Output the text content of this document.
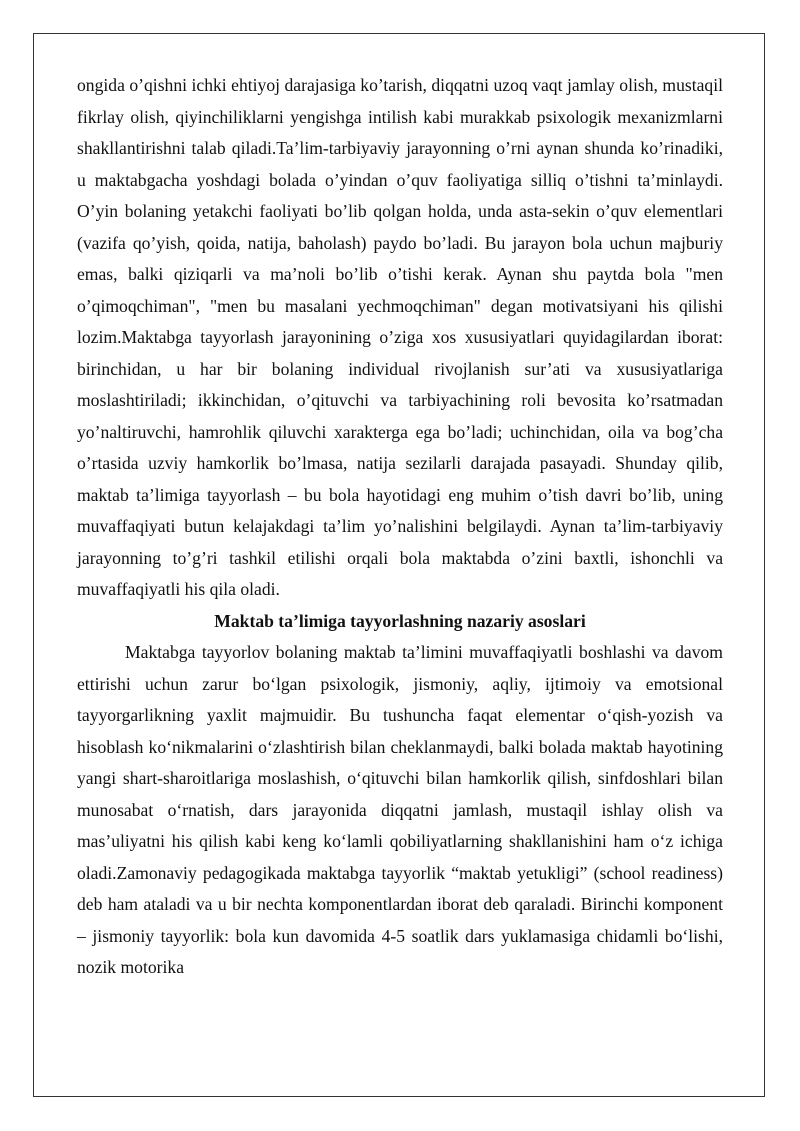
ongida o’qishni ichki ehtiyoj darajasiga ko’tarish, diqqatni uzoq vaqt jamlay olish, mustaqil fikrlay olish, qiyinchiliklarni yengishga intilish kabi murakkab psixologik mexanizmlarni shakllantirishni talab qiladi.Ta’lim-tarbiyaviy jarayonning o’rni aynan shunda ko’rinadiki, u maktabgacha yoshdagi bolada o’yindan o’quv faoliyatiga silliq o’tishni ta’minlaydi. O’yin bolaning yetakchi faoliyati bo’lib qolgan holda, unda asta-sekin o’quv elementlari (vazifa qo’yish, qoida, natija, baholash) paydo bo’ladi. Bu jarayon bola uchun majburiy emas, balki qiziqarli va ma’noli bo’lib o’tishi kerak. Aynan shu paytda bola "men o’qimoqchiman", "men bu masalani yechmoqchiman" degan motivatsiyani his qilishi lozim.Maktabga tayyorlash jarayonining o’ziga xos xususiyatlari quyidagilardan iborat: birinchidan, u har bir bolaning individual rivojlanish sur’ati va xususiyatlariga moslashtiriladi; ikkinchidan, o’qituvchi va tarbiyachining roli bevosita ko’rsatmadan yo’naltiruvchi, hamrohlik qiluvchi xarakterga ega bo’ladi; uchinchidan, oila va bog’cha o’rtasida uzviy hamkorlik bo’lmasa, natija sezilarli darajada pasayadi. Shunday qilib, maktab ta’limiga tayyorlash – bu bola hayotidagi eng muhim o’tish davri bo’lib, uning muvaffaqiyati butun kelajakdagi ta’lim yo’nalishini belgilaydi. Aynan ta’lim-tarbiyaviy jarayonning to’g’ri tashkil etilishi orqali bola maktabda o’zini baxtli, ishonchli va muvaffaqiyatli his qila oladi.

Maktab ta’limiga tayyorlashning nazariy asoslari

Maktabga tayyorlov bolaning maktab ta’limini muvaffaqiyatli boshlashi va davom ettirishi uchun zarur bo‘lgan psixologik, jismoniy, aqliy, ijtimoiy va emotsional tayyorgarlikning yaxlit majmuidir. Bu tushuncha faqat elementar o‘qish-yozish va hisoblash ko‘nikmalarini o‘zlashtirish bilan cheklanmaydi, balki bolada maktab hayotining yangi shart-sharoitlariga moslashish, o‘qituvchi bilan hamkorlik qilish, sinfdoshlari bilan munosabat o‘rnatish, dars jarayonida diqqatni jamlash, mustaqil ishlay olish va mas’uliyatni his qilish kabi keng ko‘lamli qobiliyatlarning shakllanishini ham o‘z ichiga oladi.Zamonaviy pedagogikada maktabga tayyorlik “maktab yetukligi” (school readiness) deb ham ataladi va u bir nechta komponentlardan iborat deb qaraladi. Birinchi komponent – jismoniy tayyorlik: bola kun davomida 4-5 soatlik dars yuklamasiga chidamli bo‘lishi, nozik motorika
